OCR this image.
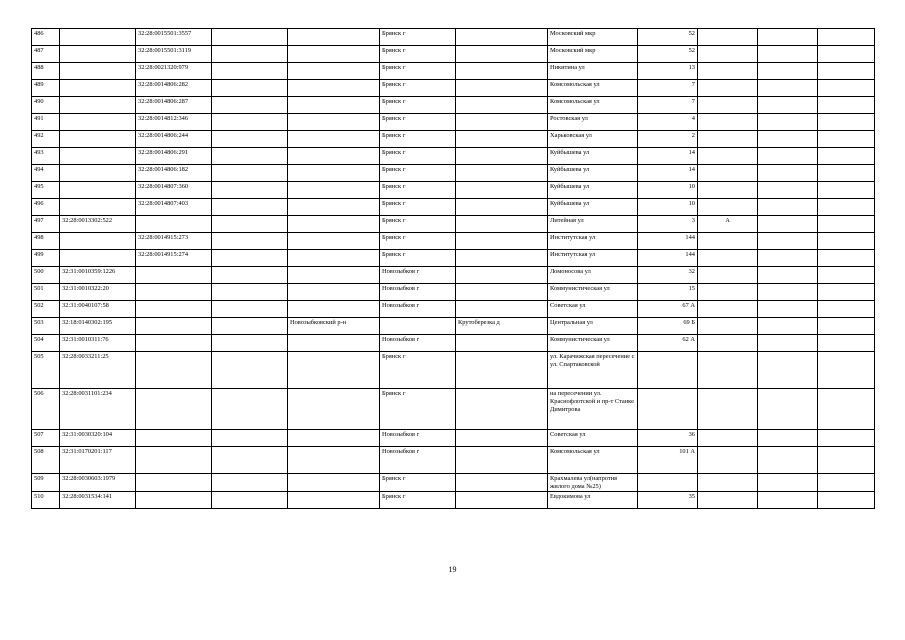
486		32:28:0015501:3557			Брянск г		Московский мкр	52			
487		32:28:0015501:3119			Брянск г		Московский мкр	52			
488		32:28:0021320:979			Брянск г		Никитина ул	13			
489		32:28:0014806:282			Брянск г		Комсомольская ул	7			
490		32:28:0014806:287			Брянск г		Комсомольская ул	7			
491		32:28:0014812:346			Брянск г		Ростовская ул	4			
492		32:28:0014806:244			Брянск г		Харьковская ул	2			
493		32:28:0014806:291			Брянск г		Куйбышева ул	14			
494		32:28:0014806:182			Брянск г		Куйбышева ул	14			
495		32:28:0014807:360			Брянск г		Куйбышева ул	10			
496		32:28:0014807:403			Брянск г		Куйбышева ул	10			
497	32:28:0013302:522				Брянск г		Литейная ул	3	А		
498		32:28:0014915:273			Брянск г		Институтская ул	144			
499		32:28:0014915:274			Брянск г		Институтская ул	144			
500	32:31:0010359:1226				Новозыбков г		Ломоносова ул	32			
501	32:31:0010322:20				Новозыбков г		Коммунистическая ул	15			
502	32:31:0040107:58				Новозыбков г		Советская ул	67 А			
503	32:18:0140302:195			Новозыбковский р-н		Крутоберезка д	Центральная ул	69 Б			
504	32:31:0010311:76				Новозыбков г		Коммунистическая ул	62 А			
505	32:28:0033211:25				Брянск г		ул. Карачижская пересечение с ул. Спартаковской				
506	32:28:0031101:234				Брянск г		на пересечении ул. Краснофлотской и пр-т Станке Димитрова				
507	32:31:0030320:104				Новозыбков г		Советская ул	36			
508	32:31:0170201:117				Новозыбков г		Комсомольская ул	101 А			
509	32:28:0030603:1979				Брянск г		Крахмалева ул(напротив жилого дома №25)				
510	32:28:0031534:141				Брянск г		Евдокимова ул	35			
19
